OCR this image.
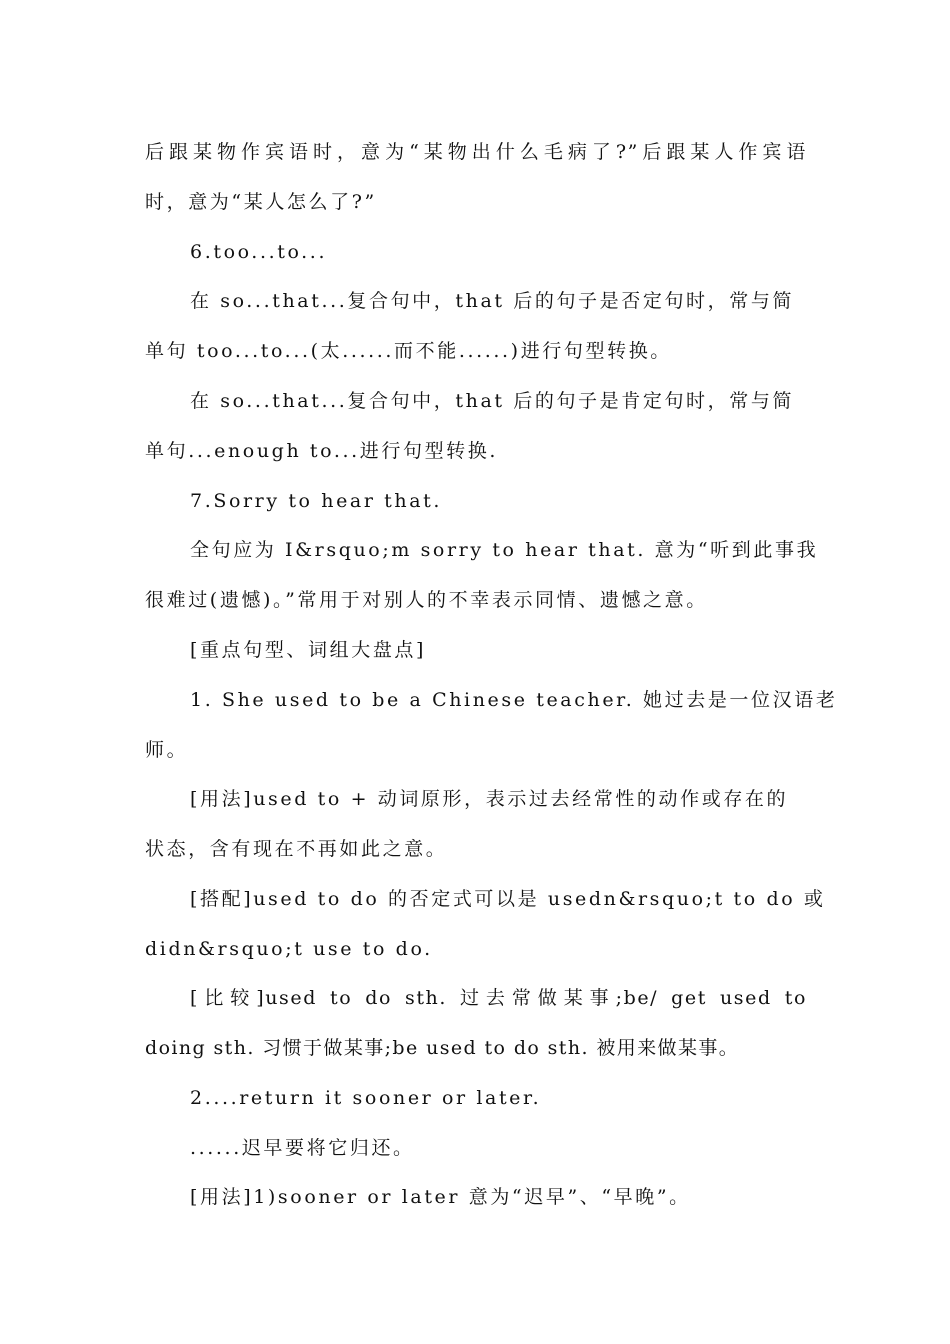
后跟某物作宾语时，意为“某物出什么毛病了?”后跟某人作宾语
时，意为“某人怎么了?”
6.too...to...
在 so...that...复合句中，that 后的句子是否定句时，常与简
单句 too...to...(太......而不能......)进行句型转换。
在 so...that...复合句中，that 后的句子是肯定句时，常与简
单句...enough to...进行句型转换.
7.Sorry to hear that.
全句应为 I&rsquo;m sorry to hear that. 意为“听到此事我
很难过(遗憾)。”常用于对别人的不幸表示同情、遗憾之意。
[重点句型、词组大盘点]
1. She used to be a Chinese teacher. 她过去是一位汉语老
师。
[用法]used to + 动词原形，表示过去经常性的动作或存在的
状态，含有现在不再如此之意。
[搭配]used to do 的否定式可以是 usedn&rsquo;t to do 或
didn&rsquo;t use to do.
[比较]used to do sth. 过去常做某事;be/ get used to
doing sth. 习惯于做某事;be used to do sth. 被用来做某事。
2....return it sooner or later.
......迟早要将它归还。
[用法]1)sooner or later 意为“迟早”、“早晚”。
